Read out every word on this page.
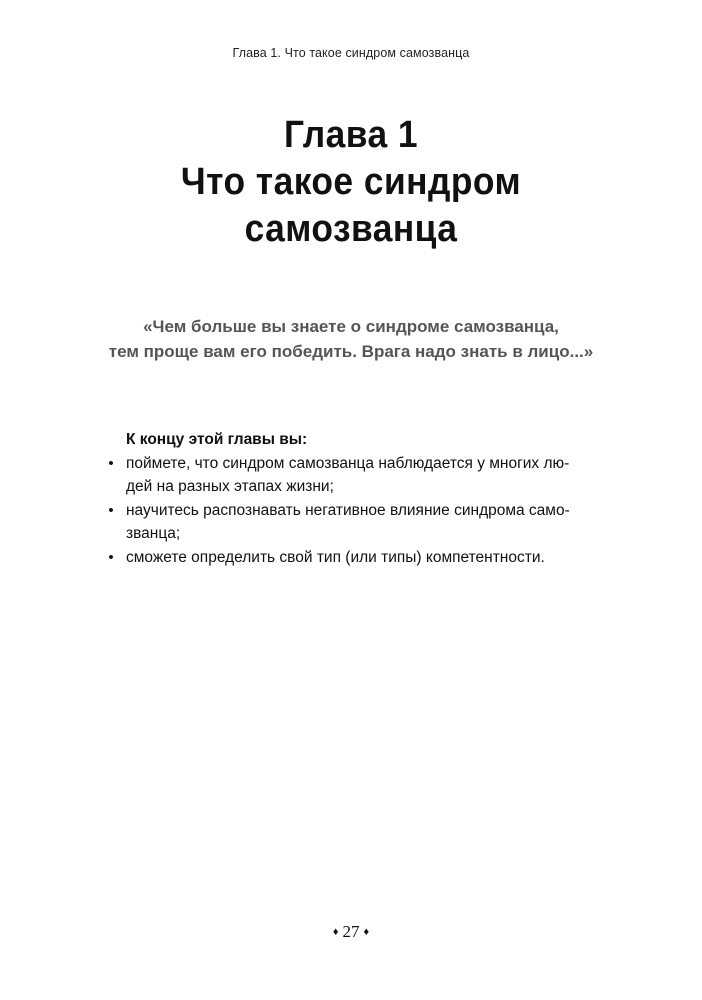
Глава 1. Что такое синдром самозванца
Глава 1
Что такое синдром
самозванца
«Чем больше вы знаете о синдроме самозванца,
тем проще вам его победить. Врага надо знать в лицо...»
К концу этой главы вы:
• поймете, что синдром самозванца наблюдается у многих лю-
дей на разных этапах жизни;
• научитесь распознавать негативное влияние синдрома само-
званца;
• сможете определить свой тип (или типы) компетентности.
♦ 27 ♦
